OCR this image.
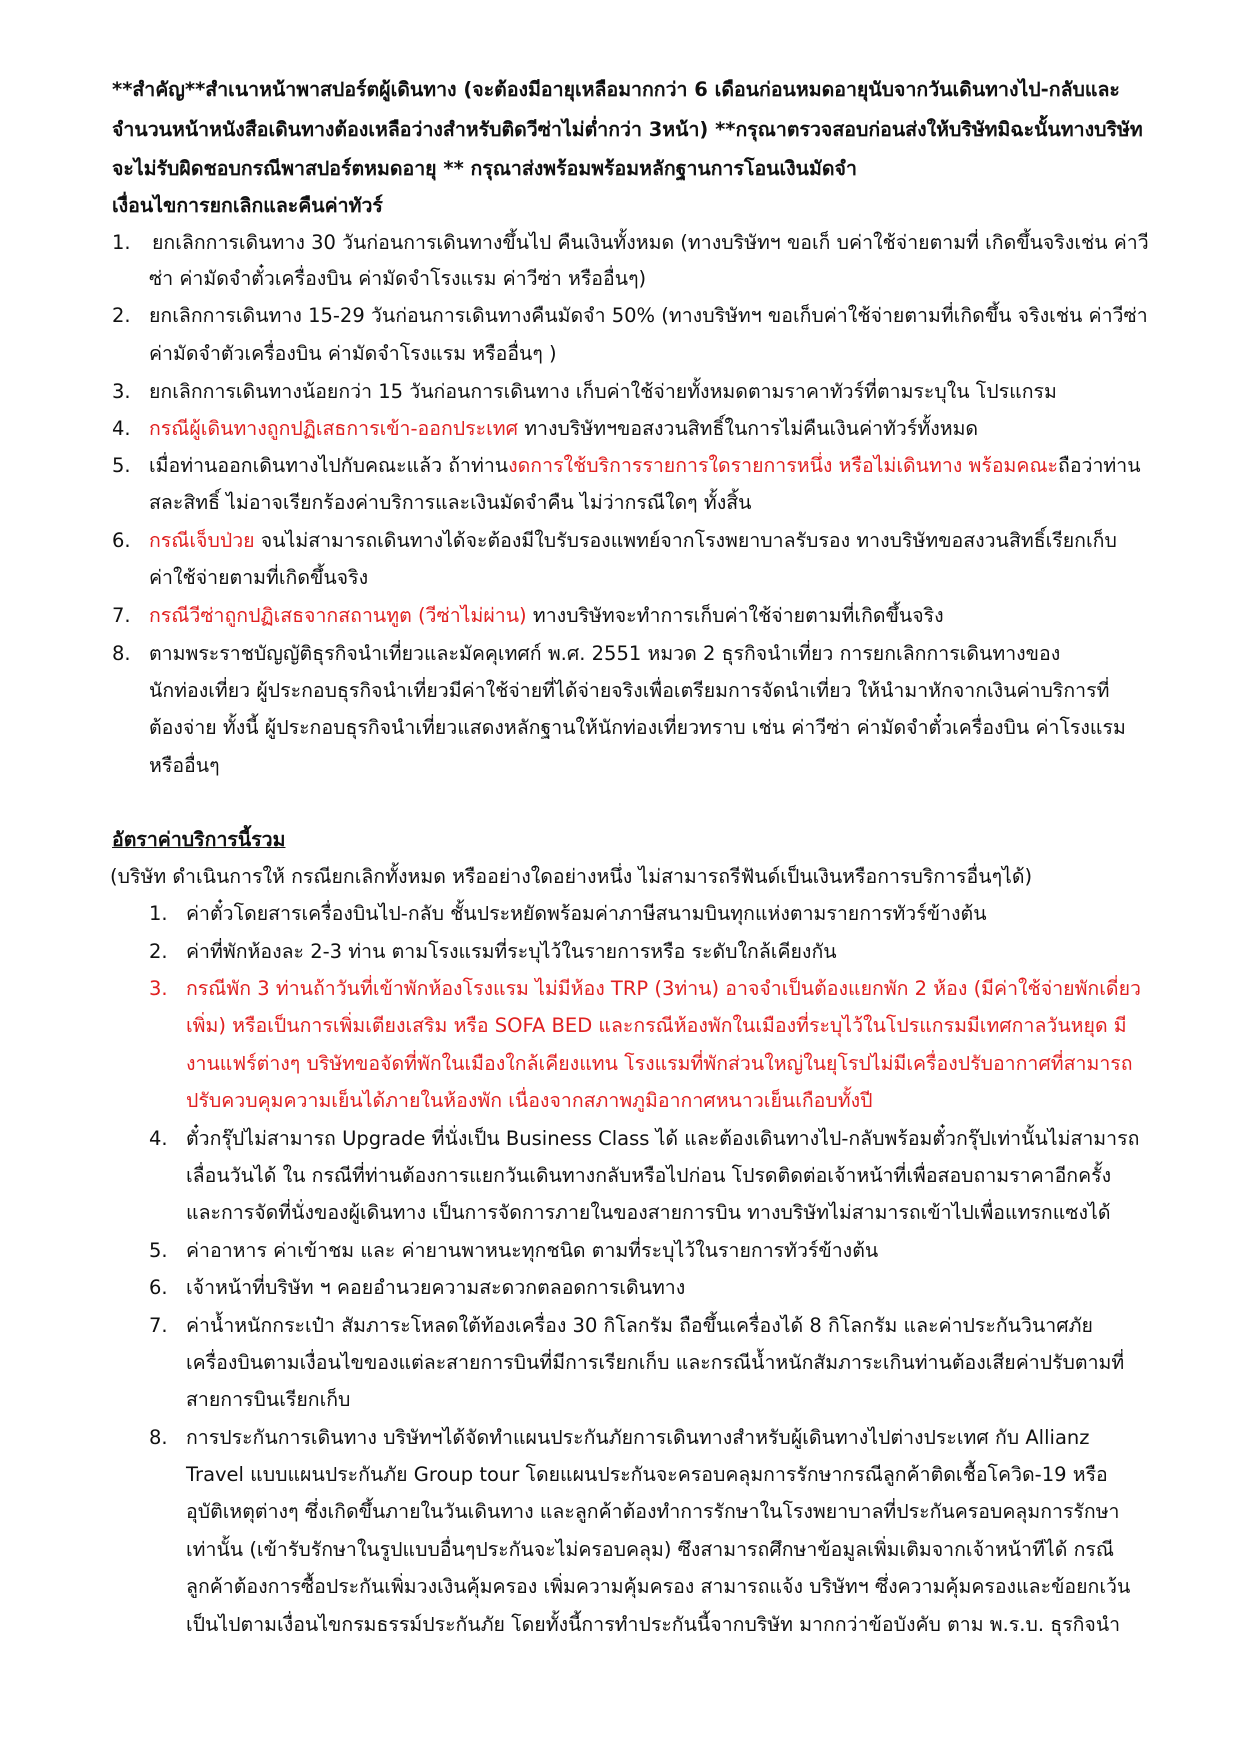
**สำคัญ**สำเนาหน้าพาสปอร์ตผู้เดินทาง (จะต้องมีอายุเหลือมากกว่า 6 เดือนก่อนหมดอายุนับจากวันเดินทางไป-กลับและ
จำนวนหน้าหนังสือเดินทางต้องเหลือว่างสำหรับติดวีซ่าไม่ต่ำกว่า 3หน้า) **กรุณาตรวจสอบก่อนส่งให้บริษัทมิฉะนั้นทางบริษัท
จะไม่รับผิดชอบกรณีพาสปอร์ตหมดอายุ ** กรุณาส่งพร้อมพร้อมหลักฐานการโอนเงินมัดจำ
เงื่อนไขการยกเลิกและคืนค่าทัวร์
1. ยกเลิกการเดินทาง 30 วันก่อนการเดินทางขึ้นไป คืนเงินทั้งหมด (ทางบริษัทฯ ขอเก็ บค่าใช้จ่ายตามที่ เกิดขึ้นจริงเช่น ค่าวี
ซ่า ค่ามัดจำตั๋วเครื่องบิน ค่ามัดจำโรงแรม ค่าวีซ่า หรืออื่นๆ)
2. ยกเลิกการเดินทาง 15-29 วันก่อนการเดินทางคืนมัดจำ 50% (ทางบริษัทฯ ขอเก็บค่าใช้จ่ายตามที่เกิดขึ้น จริงเช่น ค่าวีซ่า
ค่ามัดจำตัวเครื่องบิน ค่ามัดจำโรงแรม หรืออื่นๆ )
3. ยกเลิกการเดินทางน้อยกว่า 15 วันก่อนการเดินทาง เก็บค่าใช้จ่ายทั้งหมดตามราคาทัวร์ที่ตามระบุใน โปรแกรม
4. กรณีผู้เดินทางถูกปฏิเสธการเข้า-ออกประเทศ ทางบริษัทฯขอสงวนสิทธิ์ในการไม่คืนเงินค่าทัวร์ทั้งหมด
5. เมื่อท่านออกเดินทางไปกับคณะแล้ว ถ้าท่านงดการใช้บริการรายการใดรายการหนึ่ง หรือไม่เดินทาง พร้อมคณะถือว่าท่าน
สละสิทธิ์ ไม่อาจเรียกร้องค่าบริการและเงินมัดจำคืน ไม่ว่ากรณีใดๆ ทั้งสิ้น
6. กรณีเจ็บป่วย จนไม่สามารถเดินทางได้จะต้องมีใบรับรองแพทย์จากโรงพยาบาลรับรอง ทางบริษัทขอสงวนสิทธิ์เรียกเก็บ
ค่าใช้จ่ายตามที่เกิดขึ้นจริง
7. กรณีวีซ่าถูกปฏิเสธจากสถานทูต (วีซ่าไม่ผ่าน) ทางบริษัทจะทำการเก็บค่าใช้จ่ายตามที่เกิดขึ้นจริง
8. ตามพระราชบัญญัติธุรกิจนำเที่ยวและมัคคุเทศก์ พ.ศ. 2551 หมวด 2 ธุรกิจนำเที่ยว การยกเลิกการเดินทางของ
นักท่องเที่ยว ผู้ประกอบธุรกิจนำเที่ยวมีค่าใช้จ่ายที่ได้จ่ายจริงเพื่อเตรียมการจัดนำเที่ยว ให้นำมาหักจากเงินค่าบริการที่
ต้องจ่าย ทั้งนี้ ผู้ประกอบธุรกิจนำเที่ยวแสดงหลักฐานให้นักท่องเที่ยวทราบ เช่น ค่าวีซ่า ค่ามัดจำตั๋วเครื่องบิน ค่าโรงแรม
หรืออื่นๆ
อัตราค่าบริการนี้รวม
(บริษัท ดำเนินการให้ กรณียกเลิกทั้งหมด หรืออย่างใดอย่างหนึ่ง ไม่สามารถรีฟันด์เป็นเงินหรือการบริการอื่นๆได้)
1. ค่าตั๋วโดยสารเครื่องบินไป-กลับ ชั้นประหยัดพร้อมค่าภาษีสนามบินทุกแห่งตามรายการทัวร์ข้างต้น
2. ค่าที่พักห้องละ 2-3 ท่าน ตามโรงแรมที่ระบุไว้ในรายการหรือ ระดับใกล้เคียงกัน
3. กรณีพัก 3 ท่านถ้าวันที่เข้าพักห้องโรงแรม ไม่มีห้อง TRP (3ท่าน) อาจจำเป็นต้องแยกพัก 2 ห้อง (มีค่าใช้จ่ายพักเดี่ยว
เพิ่ม) หรือเป็นการเพิ่มเตียงเสริม หรือ SOFA BED และกรณีห้องพักในเมืองที่ระบุไว้ในโปรแกรมมีเทศกาลวันหยุด มี
งานแฟร์ต่างๆ บริษัทขอจัดที่พักในเมืองใกล้เคียงแทน โรงแรมที่พักส่วนใหญ่ในยุโรปไม่มีเครื่องปรับอากาศที่สามารถ
ปรับควบคุมความเย็นได้ภายในห้องพัก เนื่องจากสภาพภูมิอากาศหนาวเย็นเกือบทั้งปี
4. ตั๋วกรุ๊ปไม่สามารถ Upgrade ที่นั่งเป็น Business Class ได้ และต้องเดินทางไป-กลับพร้อมตั๋วกรุ๊ปเท่านั้นไม่สามารถ
เลื่อนวันได้ ใน กรณีที่ท่านต้องการแยกวันเดินทางกลับหรือไปก่อน โปรดติดต่อเจ้าหน้าที่เพื่อสอบถามราคาอีกครั้ง
และการจัดที่นั่งของผู้เดินทาง เป็นการจัดการภายในของสายการบิน ทางบริษัทไม่สามารถเข้าไปเพื่อแทรกแซงได้
5. ค่าอาหาร ค่าเข้าชม และ ค่ายานพาหนะทุกชนิด ตามที่ระบุไว้ในรายการทัวร์ข้างต้น
6. เจ้าหน้าที่บริษัท ฯ คอยอำนวยความสะดวกตลอดการเดินทาง
7. ค่าน้ำหนักกระเป๋า สัมภาระโหลดใต้ท้องเครื่อง 30 กิโลกรัม ถือขึ้นเครื่องได้ 8 กิโลกรัม และค่าประกันวินาศภัย
เครื่องบินตามเงื่อนไขของแต่ละสายการบินที่มีการเรียกเก็บ และกรณีน้ำหนักสัมภาระเกินท่านต้องเสียค่าปรับตามที่
สายการบินเรียกเก็บ
8. การประกันการเดินทาง บริษัทฯได้จัดทำแผนประกันภัยการเดินทางสำหรับผู้เดินทางไปต่างประเทศ กับ Allianz
Travel แบบแผนประกันภัย Group tour โดยแผนประกันจะครอบคลุมการรักษากรณีลูกค้าติดเชื้อโควิด-19 หรือ
อุบัติเหตุต่างๆ ซึ่งเกิดขึ้นภายในวันเดินทาง และลูกค้าต้องทำการรักษาในโรงพยาบาลที่ประกันครอบคลุมการรักษา
เท่านั้น (เข้ารับรักษาในรูปแบบอื่นๆประกันจะไม่ครอบคลุม) ซึงสามารถศึกษาข้อมูลเพิ่มเติมจากเจ้าหน้าทีได้ กรณี
ลูกค้าต้องการซื้อประกันเพิ่มวงเงินคุ้มครอง เพิ่มความคุ้มครอง สามารถแจ้ง บริษัทฯ ซึ่งความคุ้มครองและข้อยกเว้น
เป็นไปตามเงื่อนไขกรมธรรม์ประกันภัย โดยทั้งนี้การทำประกันนี้จากบริษัท มากกว่าข้อบังคับ ตาม พ.ร.บ. ธุรกิจนำ
